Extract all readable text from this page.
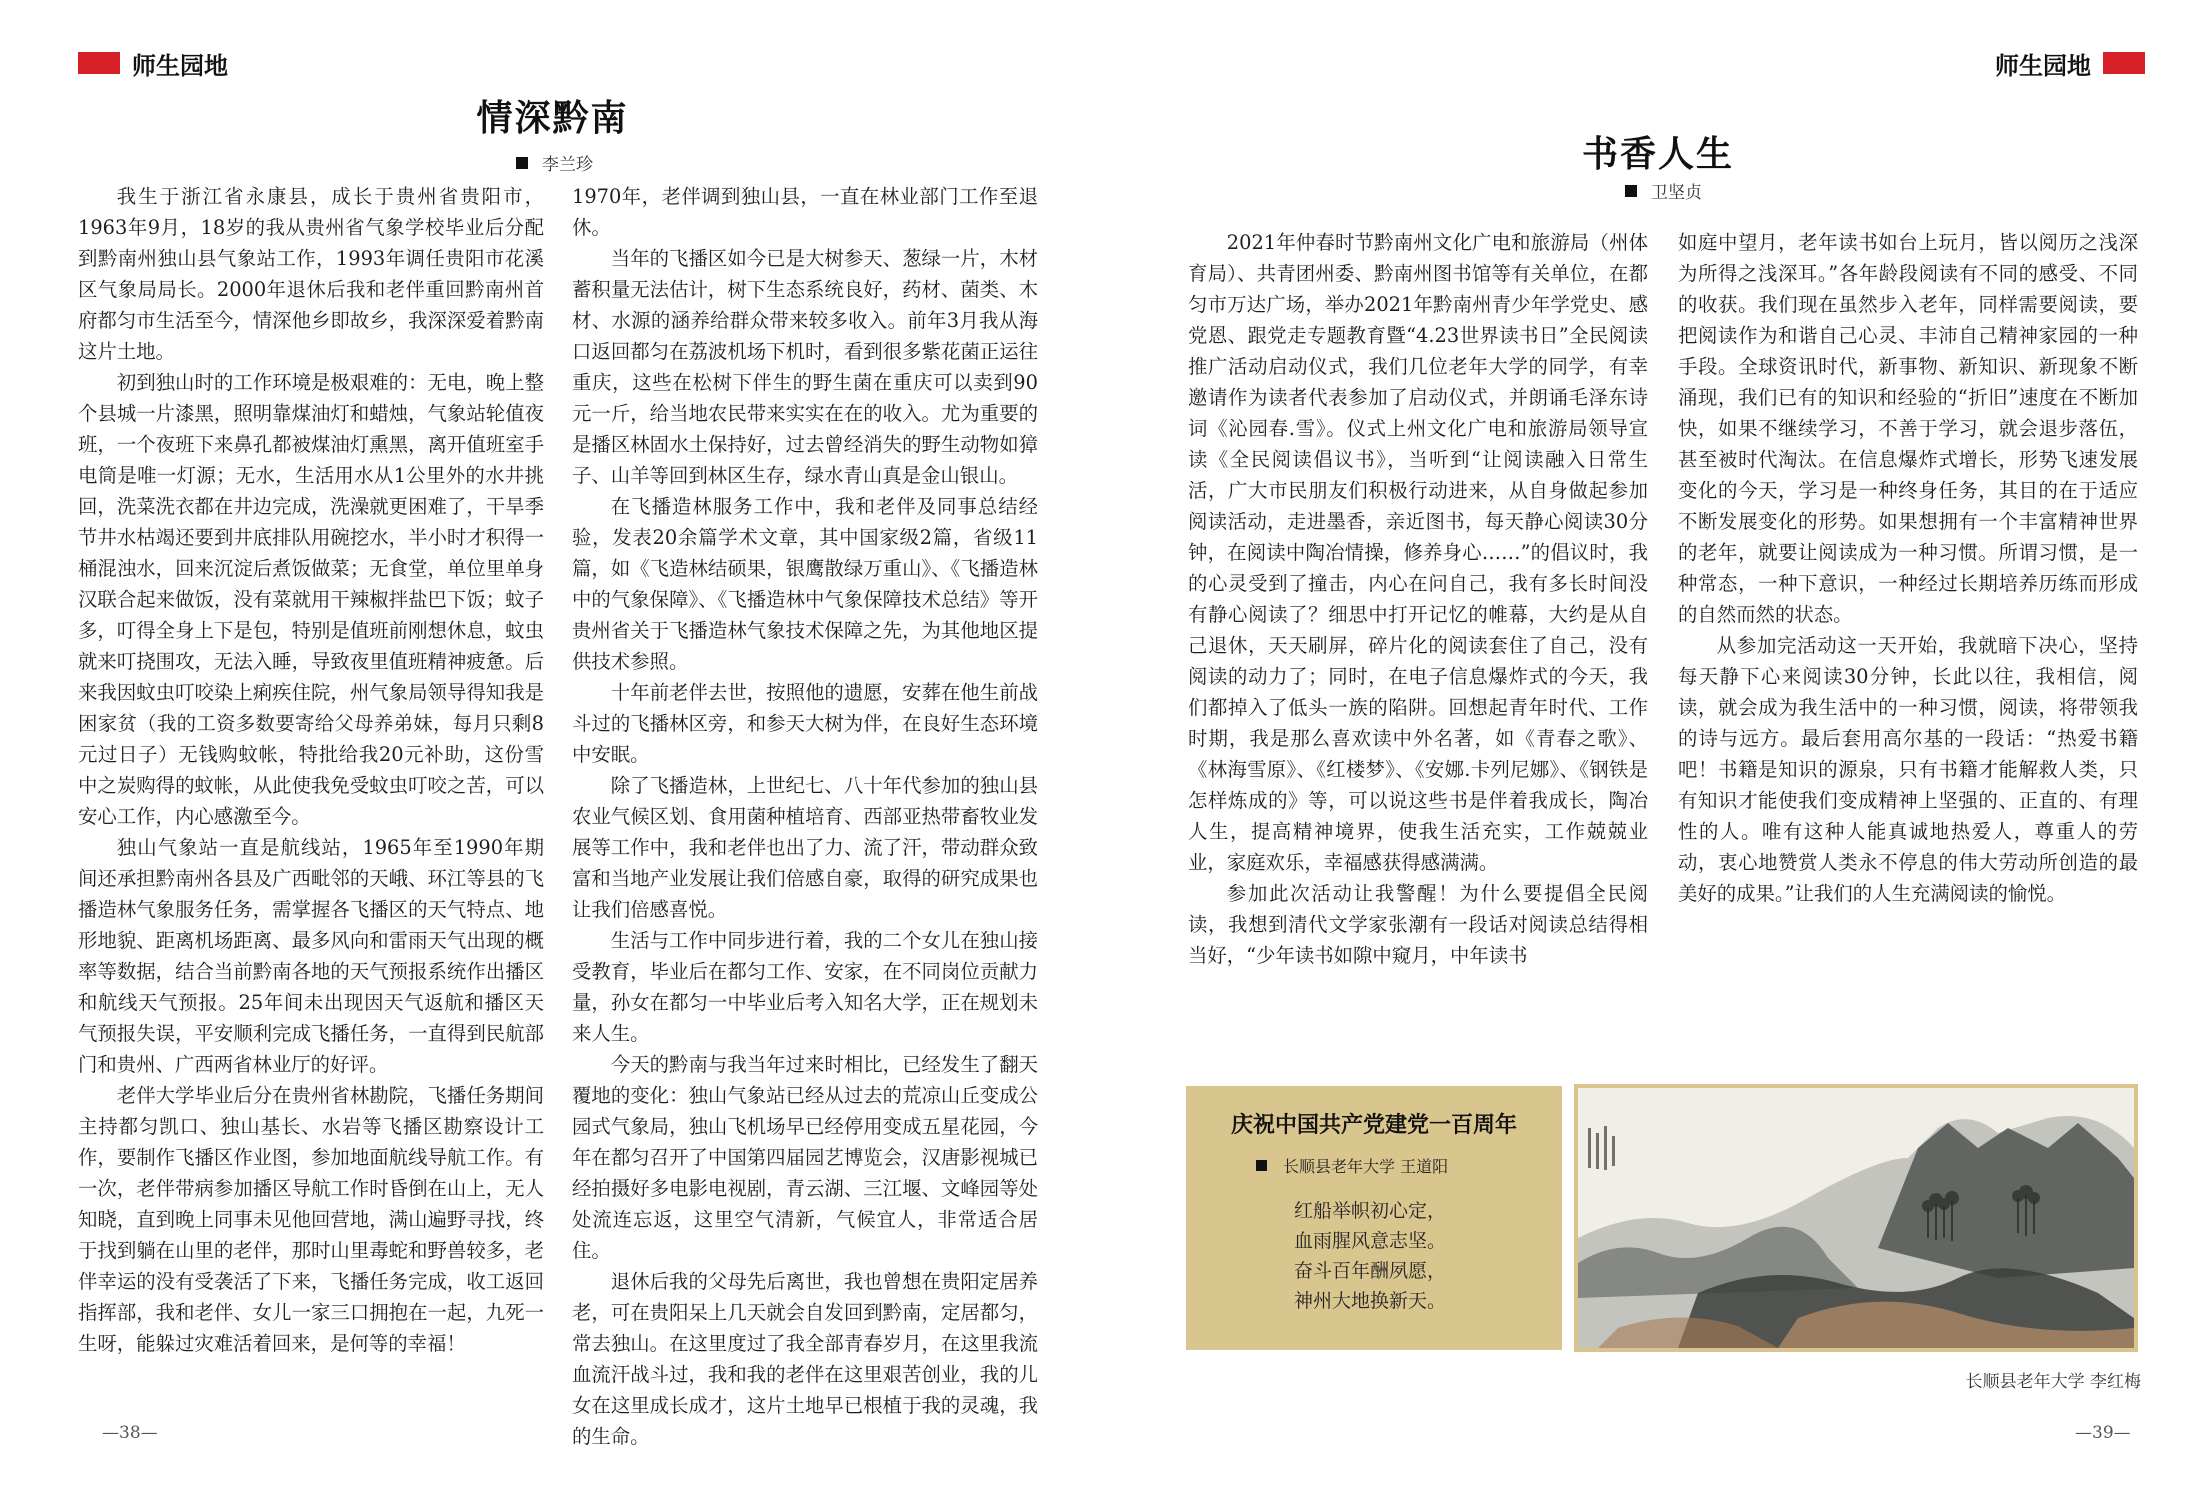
师生园地
情深黔南
李兰珍

我生于浙江省永康县，成长于贵州省贵阳市，1963年9月，18岁的我从贵州省气象学校毕业后分配到黔南州独山县气象站工作，1993年调任贵阳市花溪区气象局局长。2000年退休后我和老伴重回黔南州首府都匀市生活至今，情深他乡即故乡，我深深爱着黔南这片土地。

初到独山时的工作环境是极艰难的：无电，晚上整个县城一片漆黑，照明靠煤油灯和蜡烛，气象站轮值夜班，一个夜班下来鼻孔都被煤油灯熏黑，离开值班室手电筒是唯一灯源；无水，生活用水从1公里外的水井挑回，洗菜洗衣都在井边完成，洗澡就更困难了，干旱季节井水枯竭还要到井底排队用碗挖水，半小时才积得一桶混浊水，回来沉淀后煮饭做菜；无食堂，单位里单身汉联合起来做饭，没有菜就用干辣椒拌盐巴下饭；蚊子多，叮得全身上下是包，特别是值班前刚想休息，蚊虫就来叮挠围攻，无法入睡，导致夜里值班精神疲惫。后来我因蚊虫叮咬染上痢疾住院，州气象局领导得知我是困家贫（我的工资多数要寄给父母养弟妹，每月只剩8元过日子）无钱购蚊帐，特批给我20元补助，这份雪中之炭购得的蚊帐，从此使我免受蚊虫叮咬之苦，可以安心工作，内心感激至今。

独山气象站一直是航线站，1965年至1990年期间还承担黔南州各县及广西毗邻的天峨、环江等县的飞播造林气象服务任务，需掌握各飞播区的天气特点、地形地貌、距离机场距离、最多风向和雷雨天气出现的概率等数据，结合当前黔南各地的天气预报系统作出播区和航线天气预报。25年间未出现因天气返航和播区天气预报失误，平安顺利完成飞播任务，一直得到民航部门和贵州、广西两省林业厅的好评。

老伴大学毕业后分在贵州省林勘院，飞播任务期间主持都匀凯口、独山基长、水岩等飞播区勘察设计工作，要制作飞播区作业图，参加地面航线导航工作。有一次，老伴带病参加播区导航工作时昏倒在山上，无人知晓，直到晚上同事未见他回营地，满山遍野寻找，终于找到躺在山里的老伴，那时山里毒蛇和野兽较多，老伴幸运的没有受袭活了下来，飞播任务完成，收工返回指挥部，我和老伴、女儿一家三口拥抱在一起，九死一生呀，能躲过灾难活着回来，是何等的幸福！

1970年，老伴调到独山县，一直在林业部门工作至退休。

当年的飞播区如今已是大树参天、葱绿一片，木材蓄积量无法估计，树下生态系统良好，药材、菌类、木材、水源的涵养给群众带来较多收入。前年3月我从海口返回都匀在荔波机场下机时，看到很多紫花菌正运往重庆，这些在松树下伴生的野生菌在重庆可以卖到90元一斤，给当地农民带来实实在在的收入。尤为重要的是播区林固水土保持好，过去曾经消失的野生动物如獐子、山羊等回到林区生存，绿水青山真是金山银山。

在飞播造林服务工作中，我和老伴及同事总结经验，发表20余篇学术文章，其中国家级2篇，省级11篇，如《飞造林结硕果，银鹰散绿万重山》、《飞播造林中的气象保障》、《飞播造林中气象保障技术总结》等开贵州省关于飞播造林气象技术保障之先，为其他地区提供技术参照。

十年前老伴去世，按照他的遗愿，安葬在他生前战斗过的飞播林区旁，和参天大树为伴，在良好生态环境中安眠。

除了飞播造林，上世纪七、八十年代参加的独山县农业气候区划、食用菌种植培育、西部亚热带畜牧业发展等工作中，我和老伴也出了力、流了汗，带动群众致富和当地产业发展让我们倍感自豪，取得的研究成果也让我们倍感喜悦。

生活与工作中同步进行着，我的二个女儿在独山接受教育，毕业后在都匀工作、安家，在不同岗位贡献力量，孙女在都匀一中毕业后考入知名大学，正在规划未来人生。

今天的黔南与我当年过来时相比，已经发生了翻天覆地的变化：独山气象站已经从过去的荒凉山丘变成公园式气象局，独山飞机场早已经停用变成五星花园，今年在都匀召开了中国第四届园艺博览会，汉唐影视城已经拍摄好多电影电视剧，青云湖、三江堰、文峰园等处处流连忘返，这里空气清新，气候宜人，非常适合居住。

退休后我的父母先后离世，我也曾想在贵阳定居养老，可在贵阳呆上几天就会自发回到黔南，定居都匀，常去独山。在这里度过了我全部青春岁月，在这里我流血流汗战斗过，我和我的老伴在这里艰苦创业，我的儿女在这里成长成才，这片土地早已根植于我的灵魂，我的生命。

—38—
师生园地
书香人生
卫坚贞

2021年仲春时节黔南州文化广电和旅游局（州体育局）、共青团州委、黔南州图书馆等有关单位，在都匀市万达广场，举办2021年黔南州青少年学党史、感党恩、跟党走专题教育暨“4.23世界读书日”全民阅读推广活动启动仪式，我们几位老年大学的同学，有幸邀请作为读者代表参加了启动仪式，并朗诵毛泽东诗词《沁园春.雪》。仪式上州文化广电和旅游局领导宣读《全民阅读倡议书》，当听到“让阅读融入日常生活，广大市民朋友们积极行动进来，从自身做起参加阅读活动，走进墨香，亲近图书，每天静心阅读30分钟，在阅读中陶冶情操，修养身心……”的倡议时，我的心灵受到了撞击，内心在问自己，我有多长时间没有静心阅读了？细思中打开记忆的帷幕，大约是从自己退休，天天刷屏，碎片化的阅读套住了自己，没有阅读的动力了；同时，在电子信息爆炸式的今天，我们都掉入了低头一族的陷阱。回想起青年时代、工作时期，我是那么喜欢读中外名著，如《青春之歌》、《林海雪原》、《红楼梦》、《安娜.卡列尼娜》、《钢铁是怎样炼成的》等，可以说这些书是伴着我成长，陶冶人生，提高精神境界，使我生活充实，工作兢兢业业，家庭欢乐，幸福感获得感满满。

参加此次活动让我警醒！为什么要提倡全民阅读，我想到清代文学家张潮有一段话对阅读总结得相当好，“少年读书如隙中窥月，中年读书

如庭中望月，老年读书如台上玩月，皆以阅历之浅深为所得之浅深耳。”各年龄段阅读有不同的感受、不同的收获。我们现在虽然步入老年，同样需要阅读，要把阅读作为和谐自己心灵、丰沛自己精神家园的一种手段。全球资讯时代，新事物、新知识、新现象不断涌现，我们已有的知识和经验的“折旧”速度在不断加快，如果不继续学习，不善于学习，就会退步落伍，甚至被时代淘汰。在信息爆炸式增长，形势飞速发展变化的今天，学习是一种终身任务，其目的在于适应不断发展变化的形势。如果想拥有一个丰富精神世界的老年，就要让阅读成为一种习惯。所谓习惯，是一种常态，一种下意识，一种经过长期培养历练而形成的自然而然的状态。

从参加完活动这一天开始，我就暗下决心，坚持每天静下心来阅读30分钟，长此以往，我相信，阅读，就会成为我生活中的一种习惯，阅读，将带领我的诗与远方。最后套用高尔基的一段话：“热爱书籍吧！书籍是知识的源泉，只有书籍才能解救人类，只有知识才能使我们变成精神上坚强的、正直的、有理性的人。唯有这种人能真诚地热爱人，尊重人的劳动，衷心地赞赏人类永不停息的伟大劳动所创造的最美好的成果。”让我们的人生充满阅读的愉悦。

庆祝中国共产党建党一百周年
长顺县老年大学 王道阳
红船举帜初心定，
血雨腥风意志坚。
奋斗百年酬夙愿，
神州大地换新天。
长顺县老年大学 李红梅
—39—
